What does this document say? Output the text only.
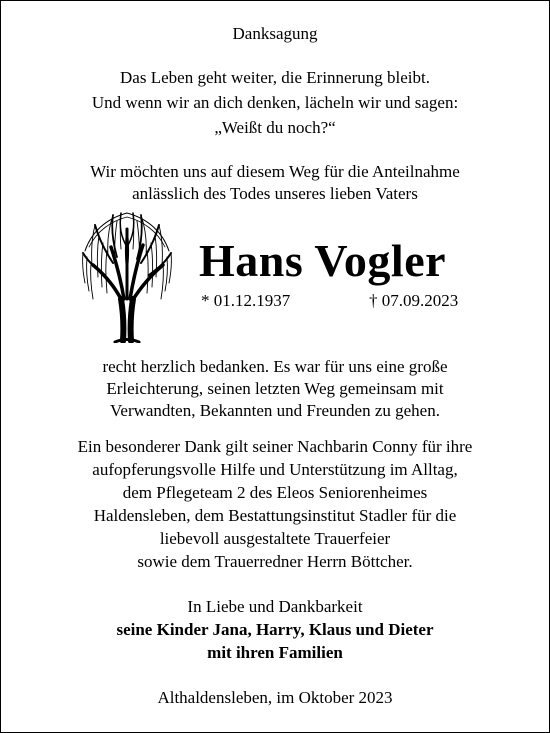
Danksagung
Das Leben geht weiter, die Erinnerung bleibt.
Und wenn wir an dich denken, lächeln wir und sagen:
„Weißt du noch?“
Wir möchten uns auf diesem Weg für die Anteilnahme
anlässlich des Todes unseres lieben Vaters
Hans Vogler
* 01.12.1937	† 07.09.2023
recht herzlich bedanken. Es war für uns eine große
Erleichterung, seinen letzten Weg gemeinsam mit
Verwandten, Bekannten und Freunden zu gehen.
Ein besonderer Dank gilt seiner Nachbarin Conny für ihre
aufopferungsvolle Hilfe und Unterstützung im Alltag,
dem Pflegeteam 2 des Eleos Seniorenheimes
Haldensleben, dem Bestattungsinstitut Stadler für die
liebevoll ausgestaltete Trauerfeier
sowie dem Trauerredner Herrn Böttcher.
In Liebe und Dankbarkeit
seine Kinder Jana, Harry, Klaus und Dieter
mit ihren Familien
Althaldensleben, im Oktober 2023
